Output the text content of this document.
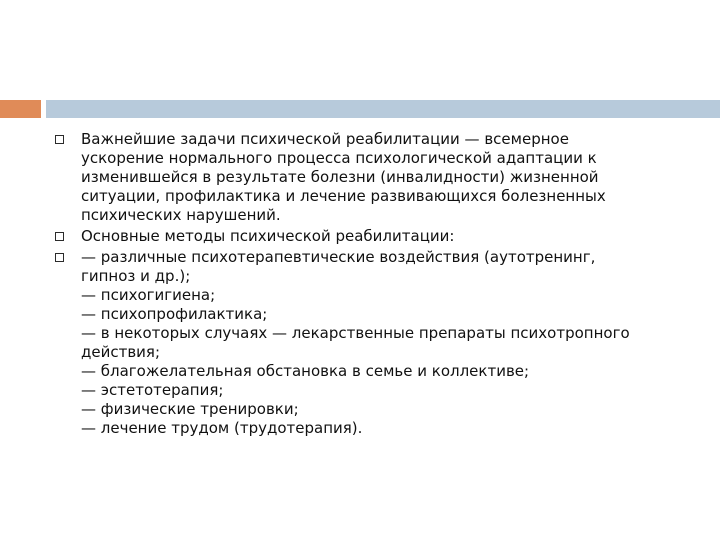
Важнейшие задачи психической реабилитации — всемерное
ускорение нормального процесса психологической адаптации к
изменившейся в результате болезни (инвалидности) жизненной
ситуации, профилактика и лечение развивающихся болезненных
психических нарушений.
Основные методы психической реабилитации:
— различные психотерапевтические воздействия (аутотренинг,
гипноз и др.);
— психогигиена;
— психопрофилактика;
— в некоторых случаях — лекарственные препараты психотропного
действия;
— благожелательная обстановка в семье и коллективе;
— эстетотерапия;
— физические тренировки;
— лечение трудом (трудотерапия).
